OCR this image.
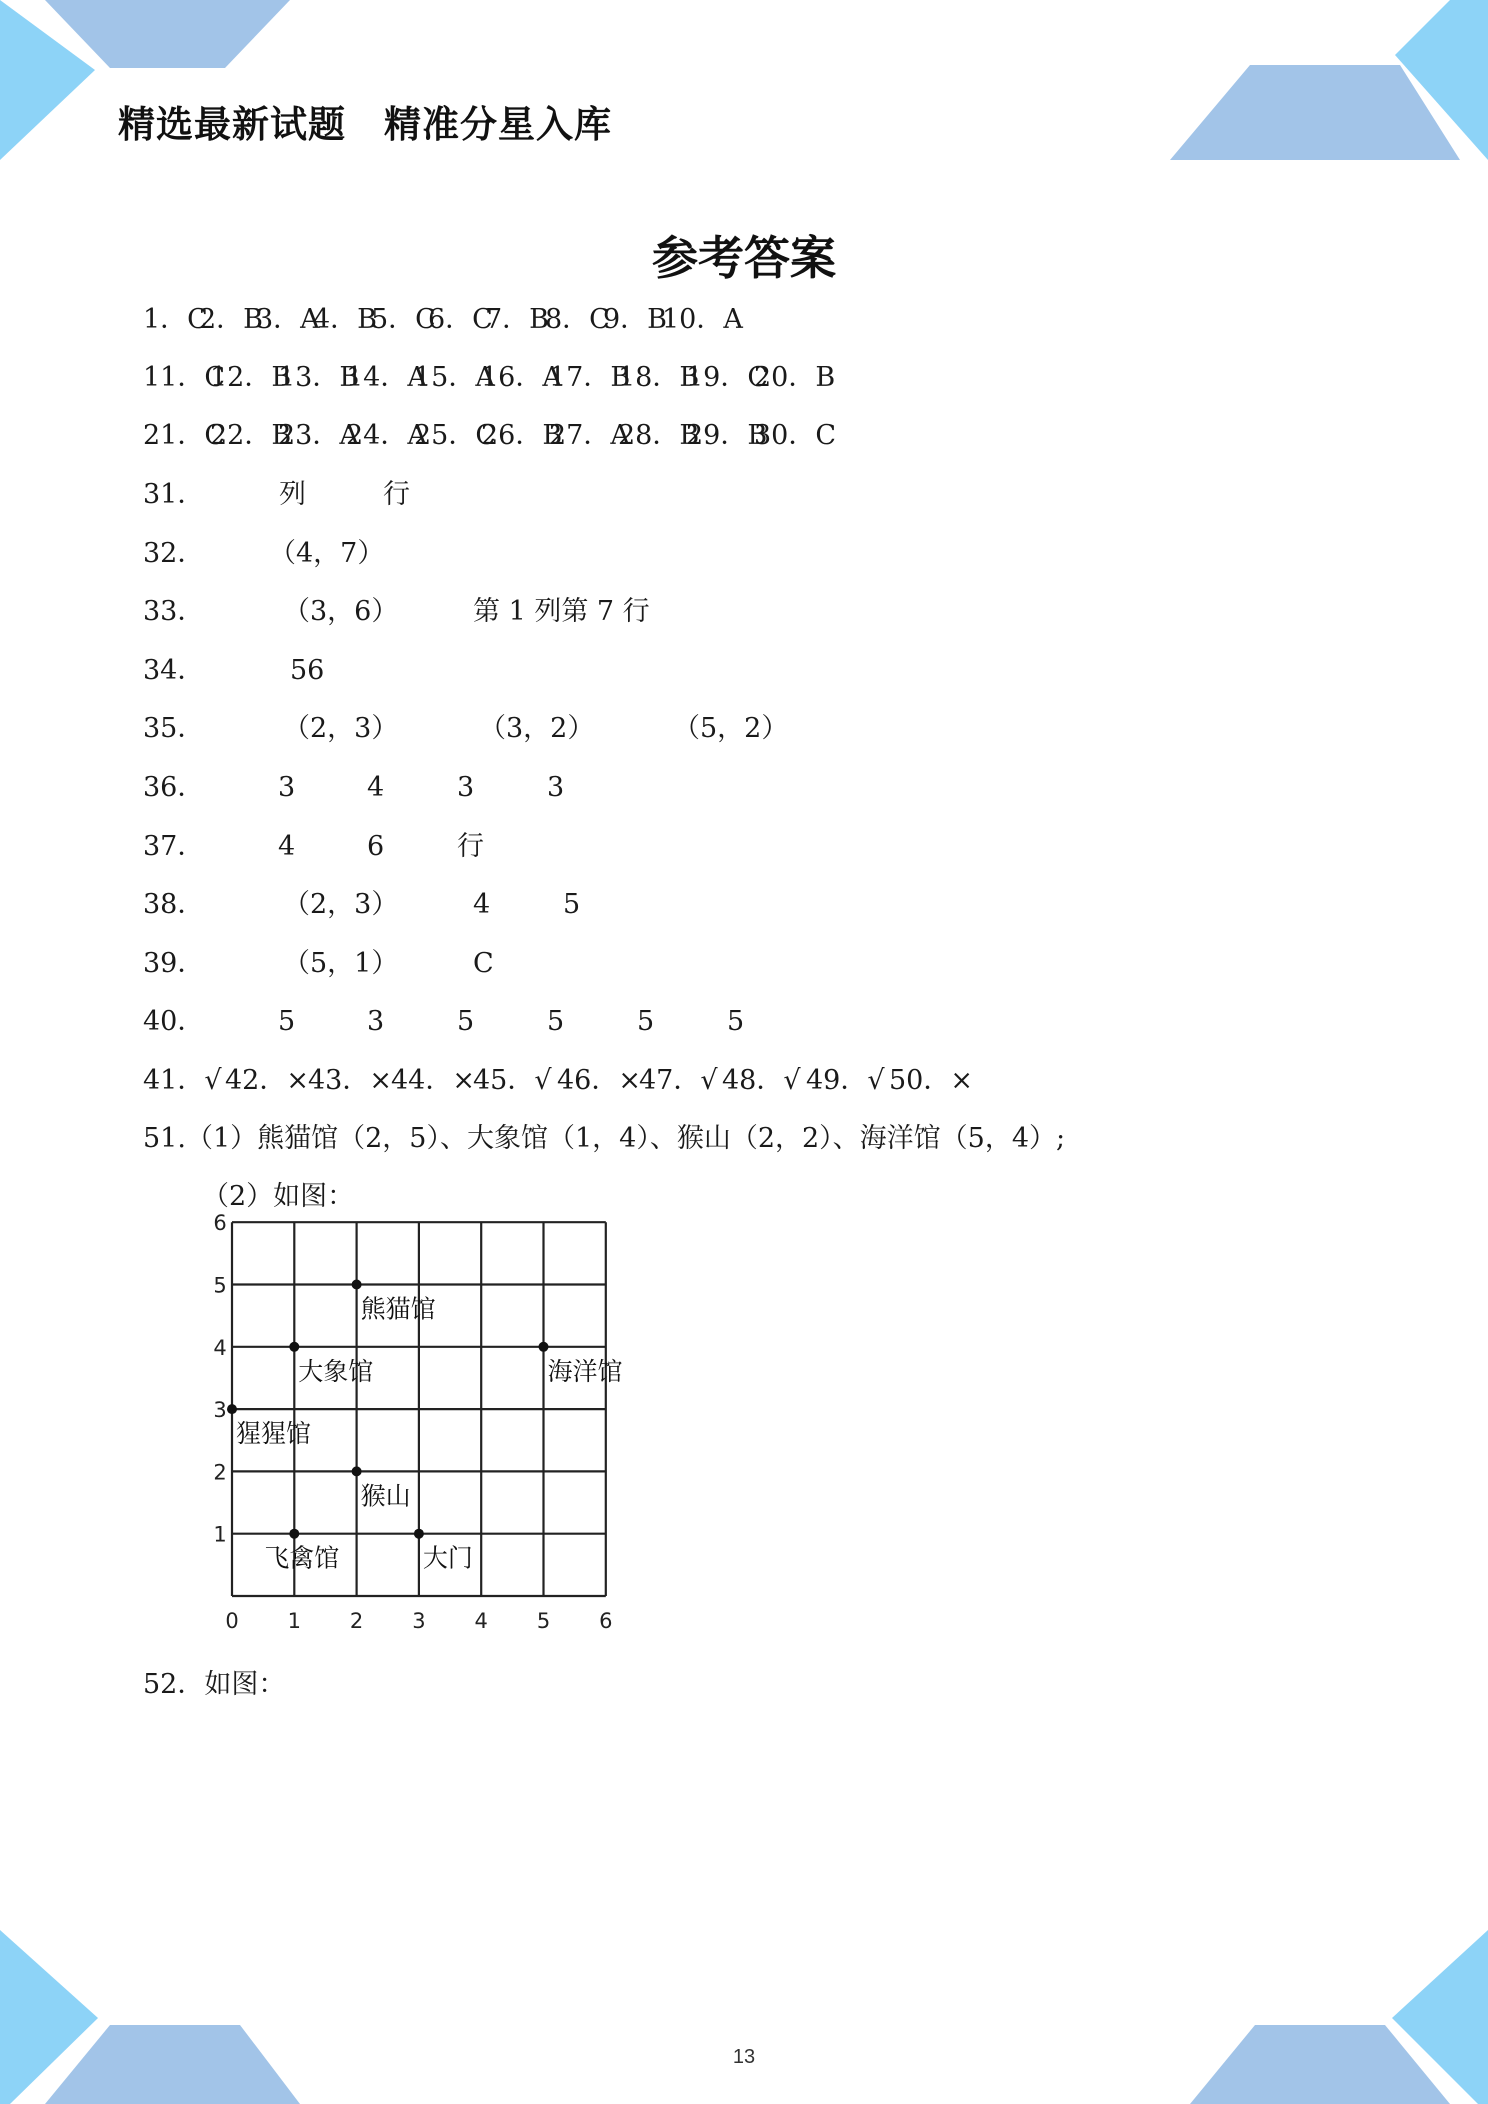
精选最新试题　精准分星入库
参考答案
1．C
2．B
3．A
4．B
5．C
6．C
7．B
8．C
9．B
10．A
11．C
12．B
13．B
14．A
15．A
16．A
17．B
18．B
19．C
20．B
21．C
22．B
23．A
24．A
25．C
26．B
27．A
28．B
29．B
30．C
31．	列	行
32． （4，7）
33．	（3，6）	第 1 列第 7 行
34．	56
35．	（2，3）	（3，2）	（5，2）
36．	3	4	3	3
37．	4	6	行
38．	（2，3）	4	5
39．	（5，1）	C
40．	5	3	5	5	5	5
41．√ 42．× 43．× 44．×
45．√ 46．×
47．√ 48．√ 49．√ 50．×
51.（1）熊猫馆（2，5）、大象馆（1，4）、猴山（2，2）、海洋馆（5，4）;
（2）如图：
0 1 2 3 4 5 6
1
2
3
4
5
6
熊猫馆
大象馆	海洋馆
猩猩馆
猴山
飞禽馆	大门
52．如图：
13
